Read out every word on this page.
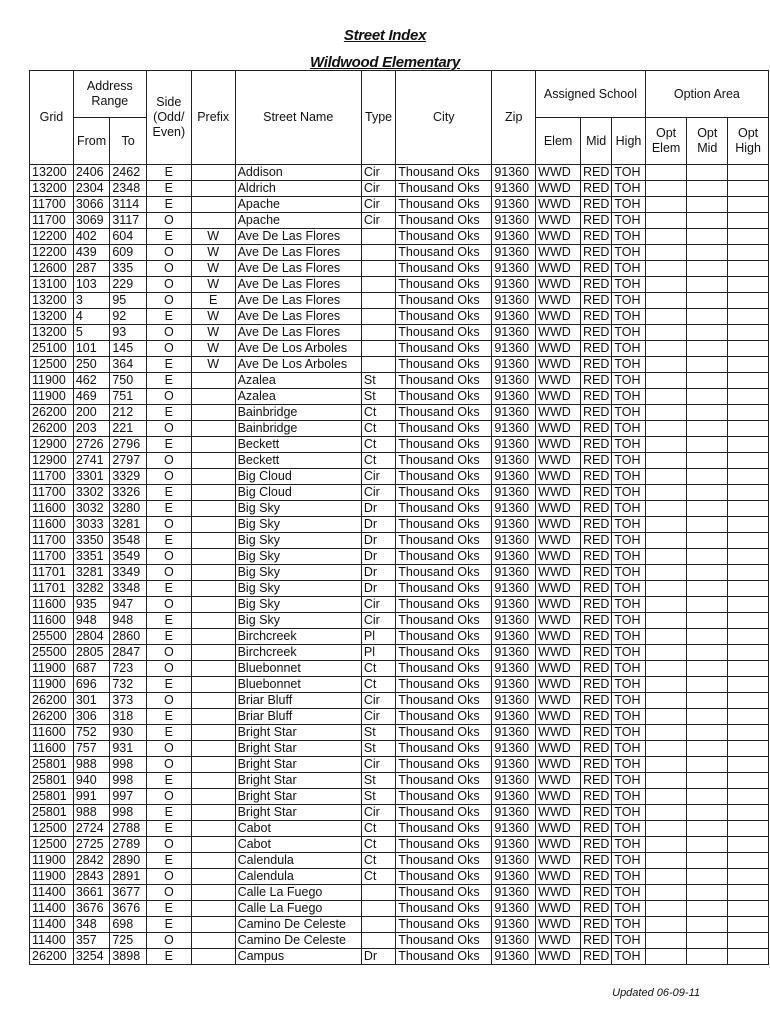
Street Index
Wildwood Elementary
Grid	Address Range		Side (Odd/ Even)	Prefix	Street Name	Type	City	Zip	Assigned School			Option Area		
	From	To							Elem	Mid	High	Opt Elem	Opt Mid	Opt High
13200	2406	2462	E		Addison	Cir	Thousand Oks	91360	WWD	RED	TOH			
13200	2304	2348	E		Aldrich	Cir	Thousand Oks	91360	WWD	RED	TOH			
11700	3066	3114	E		Apache	Cir	Thousand Oks	91360	WWD	RED	TOH			
11700	3069	3117	O		Apache	Cir	Thousand Oks	91360	WWD	RED	TOH			
12200	402	604	E	W	Ave De Las Flores		Thousand Oks	91360	WWD	RED	TOH			
12200	439	609	O	W	Ave De Las Flores		Thousand Oks	91360	WWD	RED	TOH			
12600	287	335	O	W	Ave De Las Flores		Thousand Oks	91360	WWD	RED	TOH			
13100	103	229	O	W	Ave De Las Flores		Thousand Oks	91360	WWD	RED	TOH			
13200	3	95	O	E	Ave De Las Flores		Thousand Oks	91360	WWD	RED	TOH			
13200	4	92	E	W	Ave De Las Flores		Thousand Oks	91360	WWD	RED	TOH			
13200	5	93	O	W	Ave De Las Flores		Thousand Oks	91360	WWD	RED	TOH			
25100	101	145	O	W	Ave De Los Arboles		Thousand Oks	91360	WWD	RED	TOH			
12500	250	364	E	W	Ave De Los Arboles		Thousand Oks	91360	WWD	RED	TOH			
11900	462	750	E		Azalea	St	Thousand Oks	91360	WWD	RED	TOH			
11900	469	751	O		Azalea	St	Thousand Oks	91360	WWD	RED	TOH			
26200	200	212	E		Bainbridge	Ct	Thousand Oks	91360	WWD	RED	TOH			
26200	203	221	O		Bainbridge	Ct	Thousand Oks	91360	WWD	RED	TOH			
12900	2726	2796	E		Beckett	Ct	Thousand Oks	91360	WWD	RED	TOH			
12900	2741	2797	O		Beckett	Ct	Thousand Oks	91360	WWD	RED	TOH			
11700	3301	3329	O		Big Cloud	Cir	Thousand Oks	91360	WWD	RED	TOH			
11700	3302	3326	E		Big Cloud	Cir	Thousand Oks	91360	WWD	RED	TOH			
11600	3032	3280	E		Big Sky	Dr	Thousand Oks	91360	WWD	RED	TOH			
11600	3033	3281	O		Big Sky	Dr	Thousand Oks	91360	WWD	RED	TOH			
11700	3350	3548	E		Big Sky	Dr	Thousand Oks	91360	WWD	RED	TOH			
11700	3351	3549	O		Big Sky	Dr	Thousand Oks	91360	WWD	RED	TOH			
11701	3281	3349	O		Big Sky	Dr	Thousand Oks	91360	WWD	RED	TOH			
11701	3282	3348	E		Big Sky	Dr	Thousand Oks	91360	WWD	RED	TOH			
11600	935	947	O		Big Sky	Cir	Thousand Oks	91360	WWD	RED	TOH			
11600	948	948	E		Big Sky	Cir	Thousand Oks	91360	WWD	RED	TOH			
25500	2804	2860	E		Birchcreek	Pl	Thousand Oks	91360	WWD	RED	TOH			
25500	2805	2847	O		Birchcreek	Pl	Thousand Oks	91360	WWD	RED	TOH			
11900	687	723	O		Bluebonnet	Ct	Thousand Oks	91360	WWD	RED	TOH			
11900	696	732	E		Bluebonnet	Ct	Thousand Oks	91360	WWD	RED	TOH			
26200	301	373	O		Briar Bluff	Cir	Thousand Oks	91360	WWD	RED	TOH			
26200	306	318	E		Briar Bluff	Cir	Thousand Oks	91360	WWD	RED	TOH			
11600	752	930	E		Bright Star	St	Thousand Oks	91360	WWD	RED	TOH			
11600	757	931	O		Bright Star	St	Thousand Oks	91360	WWD	RED	TOH			
25801	988	998	O		Bright Star	Cir	Thousand Oks	91360	WWD	RED	TOH			
25801	940	998	E		Bright Star	St	Thousand Oks	91360	WWD	RED	TOH			
25801	991	997	O		Bright Star	St	Thousand Oks	91360	WWD	RED	TOH			
25801	988	998	E		Bright Star	Cir	Thousand Oks	91360	WWD	RED	TOH			
12500	2724	2788	E		Cabot	Ct	Thousand Oks	91360	WWD	RED	TOH			
12500	2725	2789	O		Cabot	Ct	Thousand Oks	91360	WWD	RED	TOH			
11900	2842	2890	E		Calendula	Ct	Thousand Oks	91360	WWD	RED	TOH			
11900	2843	2891	O		Calendula	Ct	Thousand Oks	91360	WWD	RED	TOH			
11400	3661	3677	O		Calle La Fuego		Thousand Oks	91360	WWD	RED	TOH			
11400	3676	3676	E		Calle La Fuego		Thousand Oks	91360	WWD	RED	TOH			
11400	348	698	E		Camino De Celeste		Thousand Oks	91360	WWD	RED	TOH			
11400	357	725	O		Camino De Celeste		Thousand Oks	91360	WWD	RED	TOH			
26200	3254	3898	E		Campus	Dr	Thousand Oks	91360	WWD	RED	TOH			
Updated 06-09-11
